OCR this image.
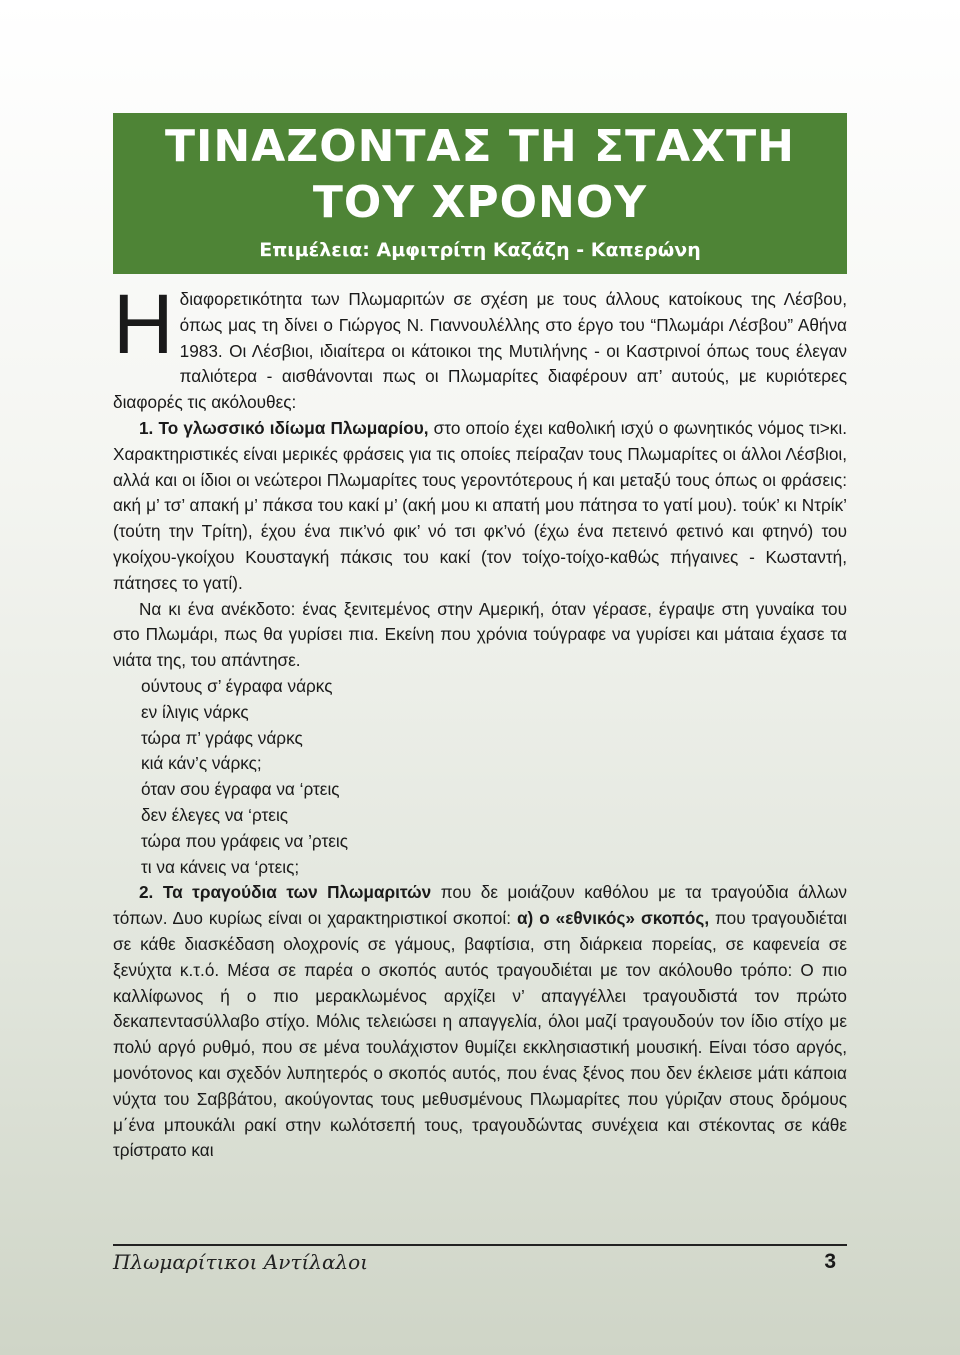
ΤΙΝΑΖΟΝΤΑΣ ΤΗ ΣΤΑΧΤΗ
ΤΟΥ ΧΡΟΝΟΥ
Επιμέλεια: Αμφιτρίτη Καζάζη - Καπερώνη

Η διαφορετικότητα των Πλωμαριτών σε σχέση με τους άλλους κατοίκους της Λέσβου, όπως μας τη δίνει ο Γιώργος Ν. Γιαννουλέλλης στο έργο του “Πλωμάρι Λέσβου” Αθήνα 1983. Οι Λέσβιοι, ιδιαίτερα οι κάτοικοι της Μυτιλήνης - οι Καστρινοί όπως τους έλεγαν παλιότερα - αισθάνονται πως οι Πλωμαρίτες διαφέρουν απ’ αυτούς, με κυριότερες διαφορές τις ακόλουθες:

1. Το γλωσσικό ιδίωμα Πλωμαρίου, στο οποίο έχει καθολική ισχύ ο φωνητικός νόμος τι>κι. Χαρακτηριστικές είναι μερικές φράσεις για τις οποίες πείραζαν τους Πλωμαρίτες οι άλλοι Λέσβιοι, αλλά και οι ίδιοι οι νεώτεροι Πλωμαρίτες τους γεροντότερους ή και μεταξύ τους όπως οι φράσεις: ακή μ’ τσ’ απακή μ’ πάκσα του κακί μ’ (ακή μου κι απατή μου πάτησα το γατί μου). τούκ’ κι Ντρίκ’ (τούτη την Τρίτη), έχου ένα πικ’νό φικ’ νό τσι φκ’νό (έχω ένα πετεινό φετινό και φτηνό) του γκοίχου-γκοίχου Κουσταγκή πάκσις του κακί (τον τοίχο-τοίχο-καθώς πήγαινες - Κωσταντή, πάτησες το γατί).

Να κι ένα ανέκδοτο: ένας ξενιτεμένος στην Αμερική, όταν γέρασε, έγραψε στη γυναίκα του στο Πλωμάρι, πως θα γυρίσει πια. Εκείνη που χρόνια τούγραφε να γυρίσει και μάταια έχασε τα νιάτα της, του απάντησε.

ούντους σ’ έγραφα νάρκς
εν ίλιγις νάρκς
τώρα π’ γράφς νάρκς
κιά κάν’ς νάρκς;
όταν σου έγραφα να ‘ρτεις
δεν έλεγες να ‘ρτεις
τώρα που γράφεις να ’ρτεις
τι να κάνεις να ‘ρτεις;

2. Τα τραγούδια των Πλωμαριτών που δε μοιάζουν καθόλου με τα τραγούδια άλλων τόπων. Δυο κυρίως είναι οι χαρακτηριστικοί σκοποί: α) ο «εθνικός» σκοπός, που τραγουδιέται σε κάθε διασκέδαση ολοχρονίς σε γάμους, βαφτίσια, στη διάρκεια πορείας, σε καφενεία σε ξενύχτα κ.τ.ό. Μέσα σε παρέα ο σκοπός αυτός τραγουδιέται με τον ακόλουθο τρόπο: Ο πιο καλλίφωνος ή ο πιο μερακλωμένος αρχίζει ν’ απαγγέλλει τραγουδιστά τον πρώτο δεκαπεντασύλλαβο στίχο. Μόλις τελειώσει η απαγγελία, όλοι μαζί τραγουδούν τον ίδιο στίχο με πολύ αργό ρυθμό, που σε μένα τουλάχιστον θυμίζει εκκλησιαστική μουσική. Είναι τόσο αργός, μονότονος και σχεδόν λυπητερός ο σκοπός αυτός, που ένας ξένος που δεν έκλεισε μάτι κάποια νύχτα του Σαββάτου, ακούγοντας τους μεθυσμένους Πλωμαρίτες που γύριζαν στους δρόμους μ΄ένα μπουκάλι ρακί στην κωλότσεπή τους, τραγουδώντας συνέχεια και στέκοντας σε κάθε τρίστρατο και

Πλωμαρίτικοι Αντίλαλοι	3
